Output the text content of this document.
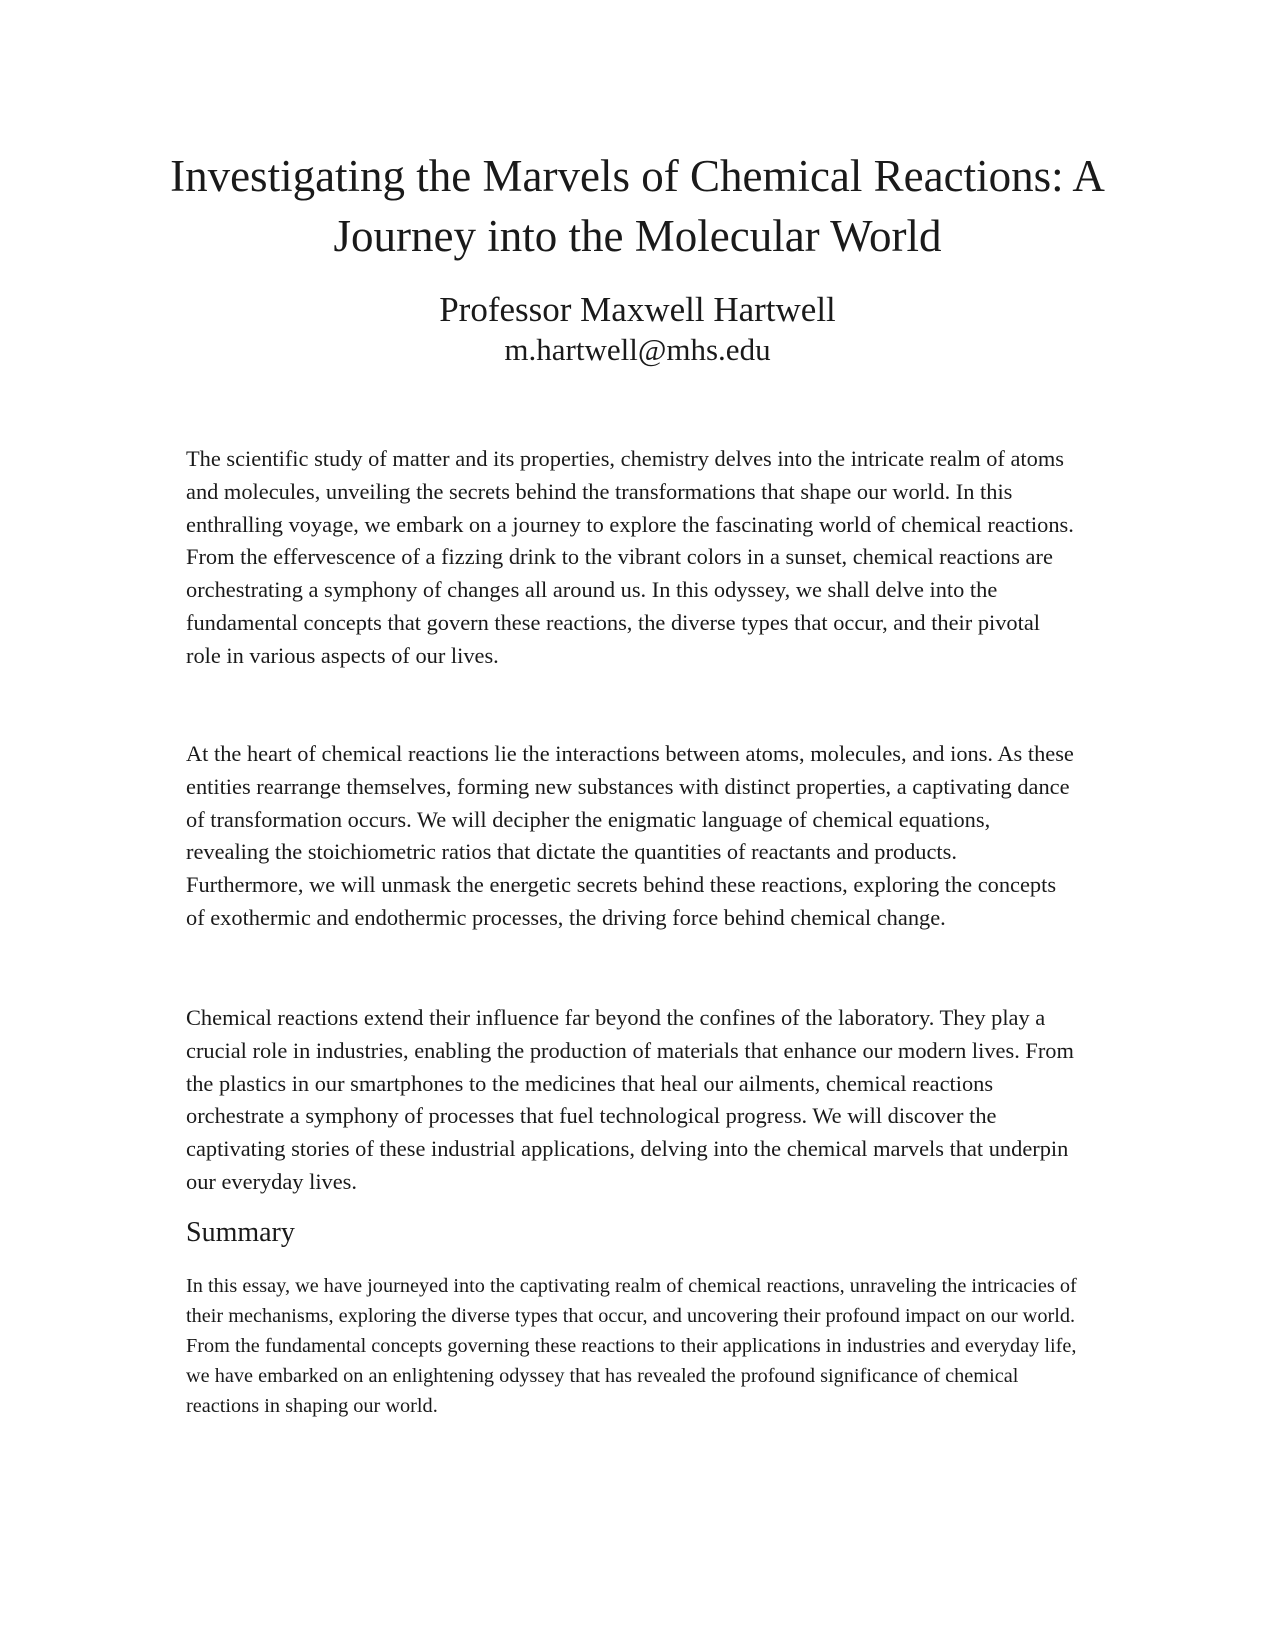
Investigating the Marvels of Chemical Reactions: A Journey into the Molecular World
Professor Maxwell Hartwell
m.hartwell@mhs.edu

The scientific study of matter and its properties, chemistry delves into the intricate realm of atoms and molecules, unveiling the secrets behind the transformations that shape our world. In this enthralling voyage, we embark on a journey to explore the fascinating world of chemical reactions. From the effervescence of a fizzing drink to the vibrant colors in a sunset, chemical reactions are orchestrating a symphony of changes all around us. In this odyssey, we shall delve into the fundamental concepts that govern these reactions, the diverse types that occur, and their pivotal role in various aspects of our lives.

At the heart of chemical reactions lie the interactions between atoms, molecules, and ions. As these entities rearrange themselves, forming new substances with distinct properties, a captivating dance of transformation occurs. We will decipher the enigmatic language of chemical equations, revealing the stoichiometric ratios that dictate the quantities of reactants and products. Furthermore, we will unmask the energetic secrets behind these reactions, exploring the concepts of exothermic and endothermic processes, the driving force behind chemical change.

Chemical reactions extend their influence far beyond the confines of the laboratory. They play a crucial role in industries, enabling the production of materials that enhance our modern lives. From the plastics in our smartphones to the medicines that heal our ailments, chemical reactions orchestrate a symphony of processes that fuel technological progress. We will discover the captivating stories of these industrial applications, delving into the chemical marvels that underpin our everyday lives.

Summary

In this essay, we have journeyed into the captivating realm of chemical reactions, unraveling the intricacies of their mechanisms, exploring the diverse types that occur, and uncovering their profound impact on our world. From the fundamental concepts governing these reactions to their applications in industries and everyday life, we have embarked on an enlightening odyssey that has revealed the profound significance of chemical reactions in shaping our world.
